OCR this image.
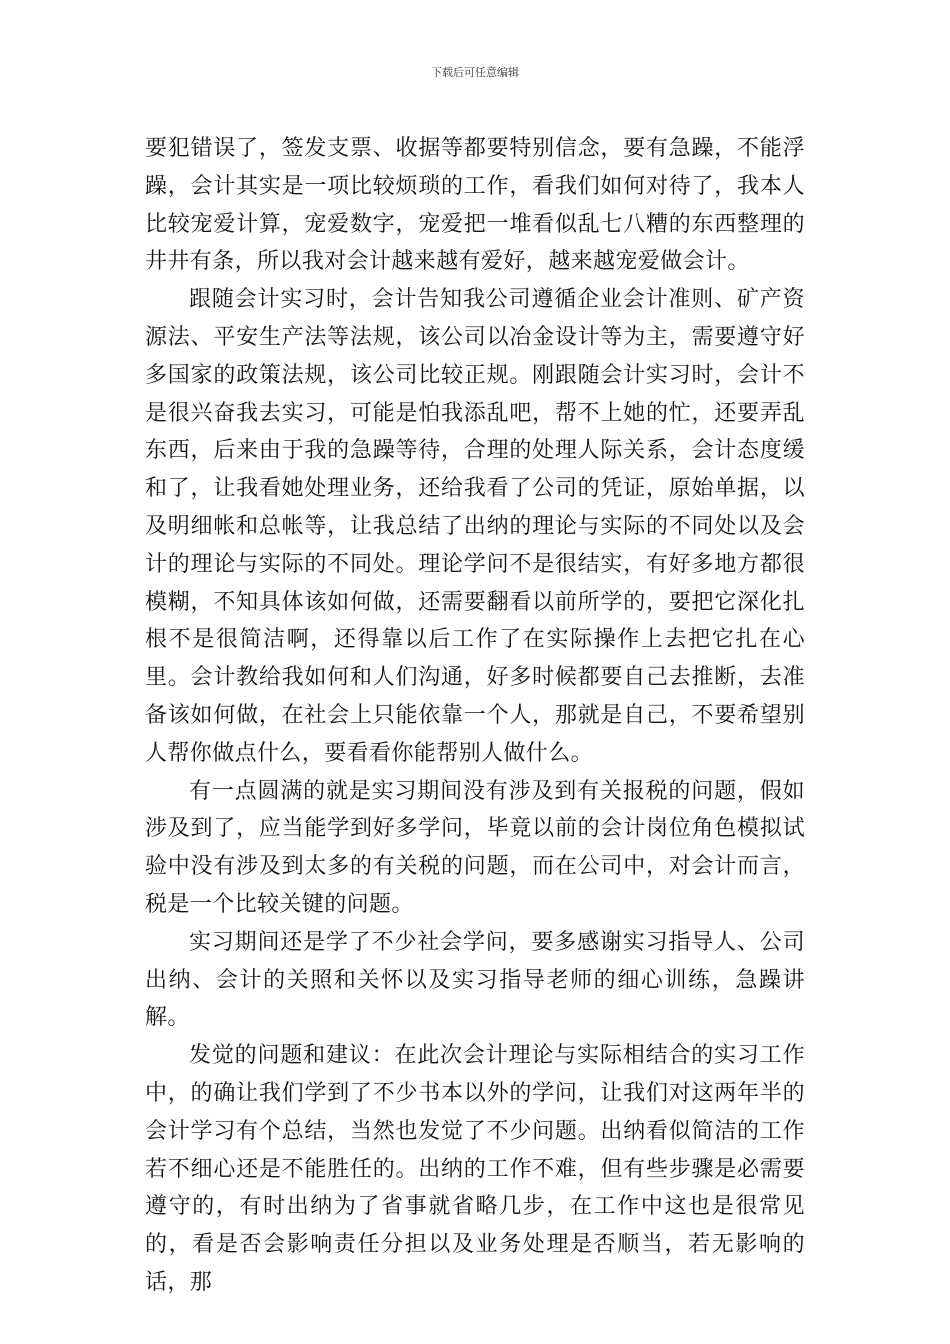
下载后可任意编辑

要犯错误了，签发支票、收据等都要特别信念，要有急躁，不能浮躁，会计其实是一项比较烦琐的工作，看我们如何对待了，我本人比较宠爱计算，宠爱数字，宠爱把一堆看似乱七八糟的东西整理的井井有条，所以我对会计越来越有爱好，越来越宠爱做会计。

跟随会计实习时，会计告知我公司遵循企业会计准则、矿产资源法、平安生产法等法规，该公司以冶金设计等为主，需要遵守好多国家的政策法规，该公司比较正规。刚跟随会计实习时，会计不是很兴奋我去实习，可能是怕我添乱吧，帮不上她的忙，还要弄乱东西，后来由于我的急躁等待，合理的处理人际关系，会计态度缓和了，让我看她处理业务，还给我看了公司的凭证，原始单据，以及明细帐和总帐等，让我总结了出纳的理论与实际的不同处以及会计的理论与实际的不同处。理论学问不是很结实，有好多地方都很模糊，不知具体该如何做，还需要翻看以前所学的，要把它深化扎根不是很简洁啊，还得靠以后工作了在实际操作上去把它扎在心里。会计教给我如何和人们沟通，好多时候都要自己去推断，去准备该如何做，在社会上只能依靠一个人，那就是自己，不要希望别人帮你做点什么，要看看你能帮别人做什么。

有一点圆满的就是实习期间没有涉及到有关报税的问题，假如涉及到了，应当能学到好多学问，毕竟以前的会计岗位角色模拟试验中没有涉及到太多的有关税的问题，而在公司中，对会计而言，税是一个比较关键的问题。

实习期间还是学了不少社会学问，要多感谢实习指导人、公司出纳、会计的关照和关怀以及实习指导老师的细心训练，急躁讲解。

发觉的问题和建议：在此次会计理论与实际相结合的实习工作中，的确让我们学到了不少书本以外的学问，让我们对这两年半的会计学习有个总结，当然也发觉了不少问题。出纳看似简洁的工作若不细心还是不能胜任的。出纳的工作不难，但有些步骤是必需要遵守的，有时出纳为了省事就省略几步，在工作中这也是很常见的，看是否会影响责任分担以及业务处理是否顺当，若无影响的话，那
